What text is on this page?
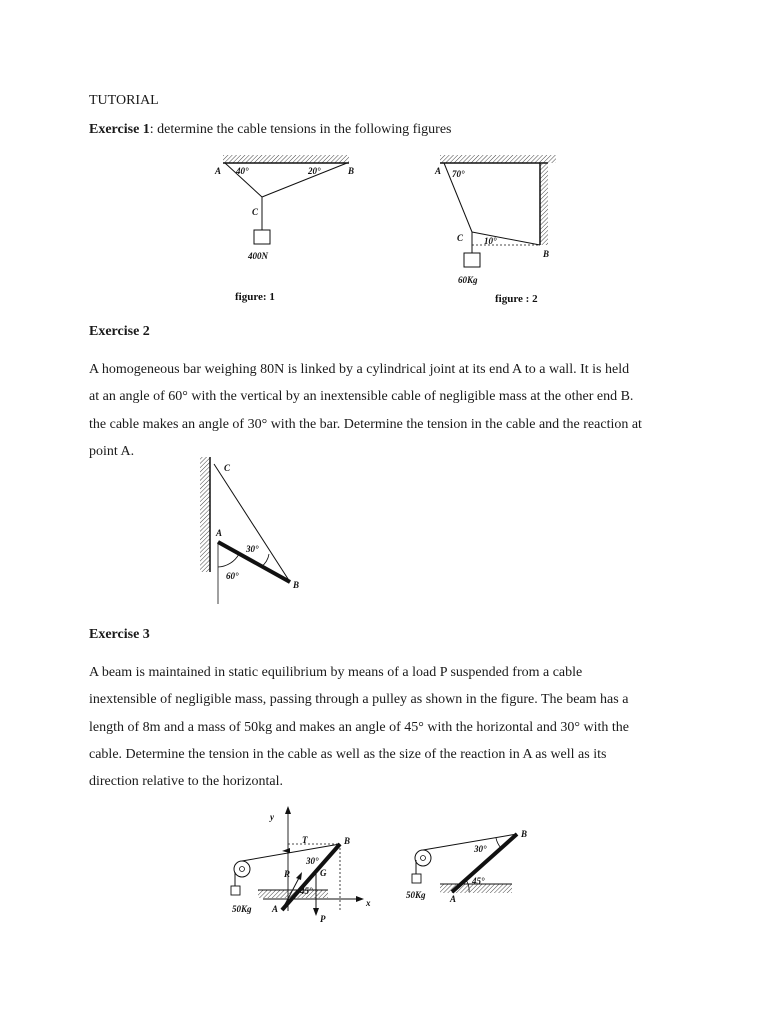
TUTORIAL
Exercise 1: determine the cable tensions in the following figures
A 40°	20°	B
C
400N
figure: 1
A 70°
C 10°
B
60Kg
figure : 2
Exercise 2
A homogeneous bar weighing 80N is linked by a cylindrical joint at its end A to a wall. It is held
at an angle of 60° with the vertical by an inextensible cable of negligible mass at the other end B.
the cable makes an angle of 30° with the bar. Determine the tension in the cable and the reaction at
point A.
C
A
30°
60°
B
Exercise 3
A beam is maintained in static equilibrium by means of a load P suspended from a cable
inextensible of negligible mass, passing through a pulley as shown in the figure. The beam has a
length of 8m and a mass of 50kg and makes an angle of 45° with the horizontal and 30° with the
cable. Determine the tension in the cable as well as the size of the reaction in A as well as its
direction relative to the horizontal.
y
x
T	B
30°
R	G
45°
50Kg A
P
B
30°
45°
50Kg	A
